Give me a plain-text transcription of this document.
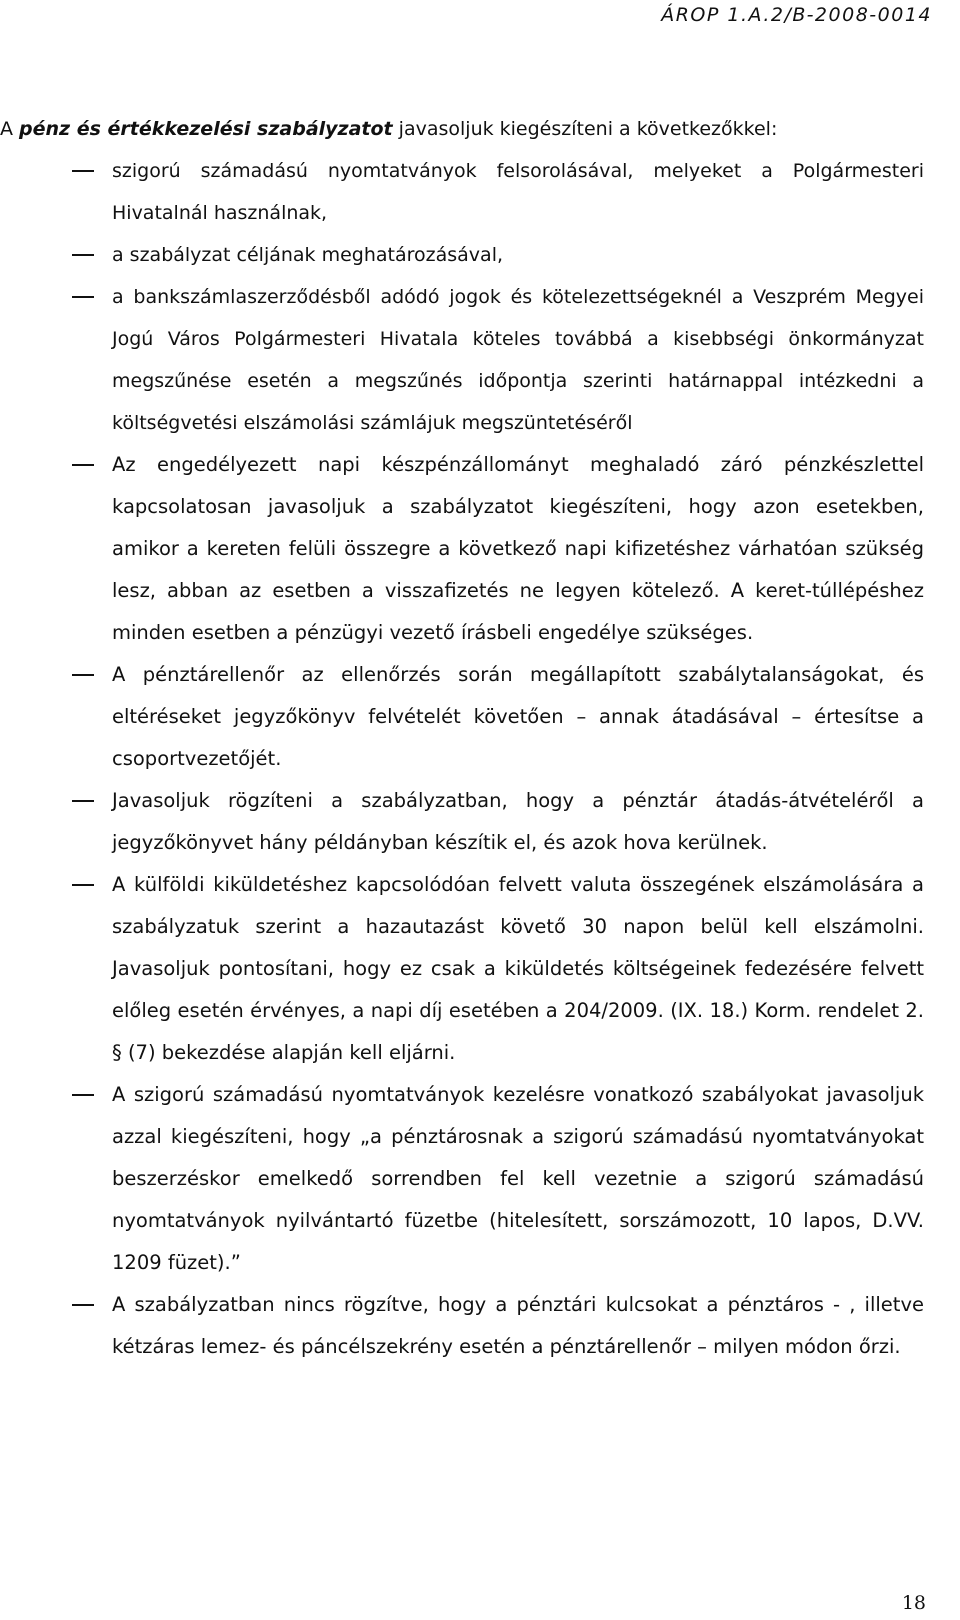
ÁROP 1.A.2/B-2008-0014

A pénz és értékkezelési szabályzatot javasoljuk kiegészíteni a következőkkel:

szigorú számadású nyomtatványok felsorolásával, melyeket a Polgármesteri Hivatalnál használnak,
a szabályzat céljának meghatározásával,
a bankszámlaszerződésből adódó jogok és kötelezettségeknél a Veszprém Megyei Jogú Város Polgármesteri Hivatala köteles továbbá a kisebbségi önkormányzat megszűnése esetén a megszűnés időpontja szerinti határnappal intézkedni a költségvetési elszámolási számlájuk megszüntetéséről
Az engedélyezett napi készpénzállományt meghaladó záró pénzkészlettel kapcsolatosan javasoljuk a szabályzatot kiegészíteni, hogy azon esetekben, amikor a kereten felüli összegre a következő napi kifizetéshez várhatóan szükség lesz, abban az esetben a visszafizetés ne legyen kötelező. A keret-túllépéshez minden esetben a pénzügyi vezető írásbeli engedélye szükséges.
A pénztárellenőr az ellenőrzés során megállapított szabálytalanságokat, és eltéréseket jegyzőkönyv felvételét követően – annak átadásával – értesítse a csoportvezetőjét.
Javasoljuk rögzíteni a szabályzatban, hogy a pénztár átadás-átvételéről a jegyzőkönyvet hány példányban készítik el, és azok hova kerülnek.
A külföldi kiküldetéshez kapcsolódóan felvett valuta összegének elszámolására a szabályzatuk szerint a hazautazást követő 30 napon belül kell elszámolni. Javasoljuk pontosítani, hogy ez csak a kiküldetés költségeinek fedezésére felvett előleg esetén érvényes, a napi díj esetében a 204/2009. (IX. 18.) Korm. rendelet 2. § (7) bekezdése alapján kell eljárni.
A szigorú számadású nyomtatványok kezelésre vonatkozó szabályokat javasoljuk azzal kiegészíteni, hogy „a pénztárosnak a szigorú számadású nyomtatványokat beszerzéskor emelkedő sorrendben fel kell vezetnie a szigorú számadású nyomtatványok nyilvántartó füzetbe (hitelesített, sorszámozott, 10 lapos, D.VV. 1209 füzet).”
A szabályzatban nincs rögzítve, hogy a pénztári kulcsokat a pénztáros - , illetve kétzáras lemez- és páncélszekrény esetén a pénztárellenőr – milyen módon őrzi.
18
